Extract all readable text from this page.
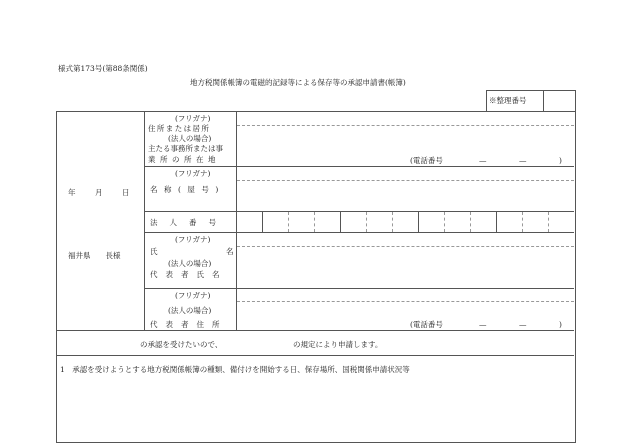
様式第173号(第88条関係)
地方税関係帳簿の電磁的記録等による保存等の承認申請書(帳簿)
※整理番号
年　月　日
福井県　　長様
(フリガナ)
住所または居所
(法人の場合)
主たる事務所または事
業所の所在地	(電話番号	—	—	)
(フリガナ)
名称(屋号)
法人番号
(フリガナ)
氏	名
(法人の場合)
代表者氏名
(フリガナ)
(法人の場合)
代表者住所	(電話番号	—	—	)
の承認を受けたいので、	の規定により申請します。
1　承認を受けようとする地方税関係帳簿の種類、備付けを開始する日、保存場所、国税関係申請状況等
